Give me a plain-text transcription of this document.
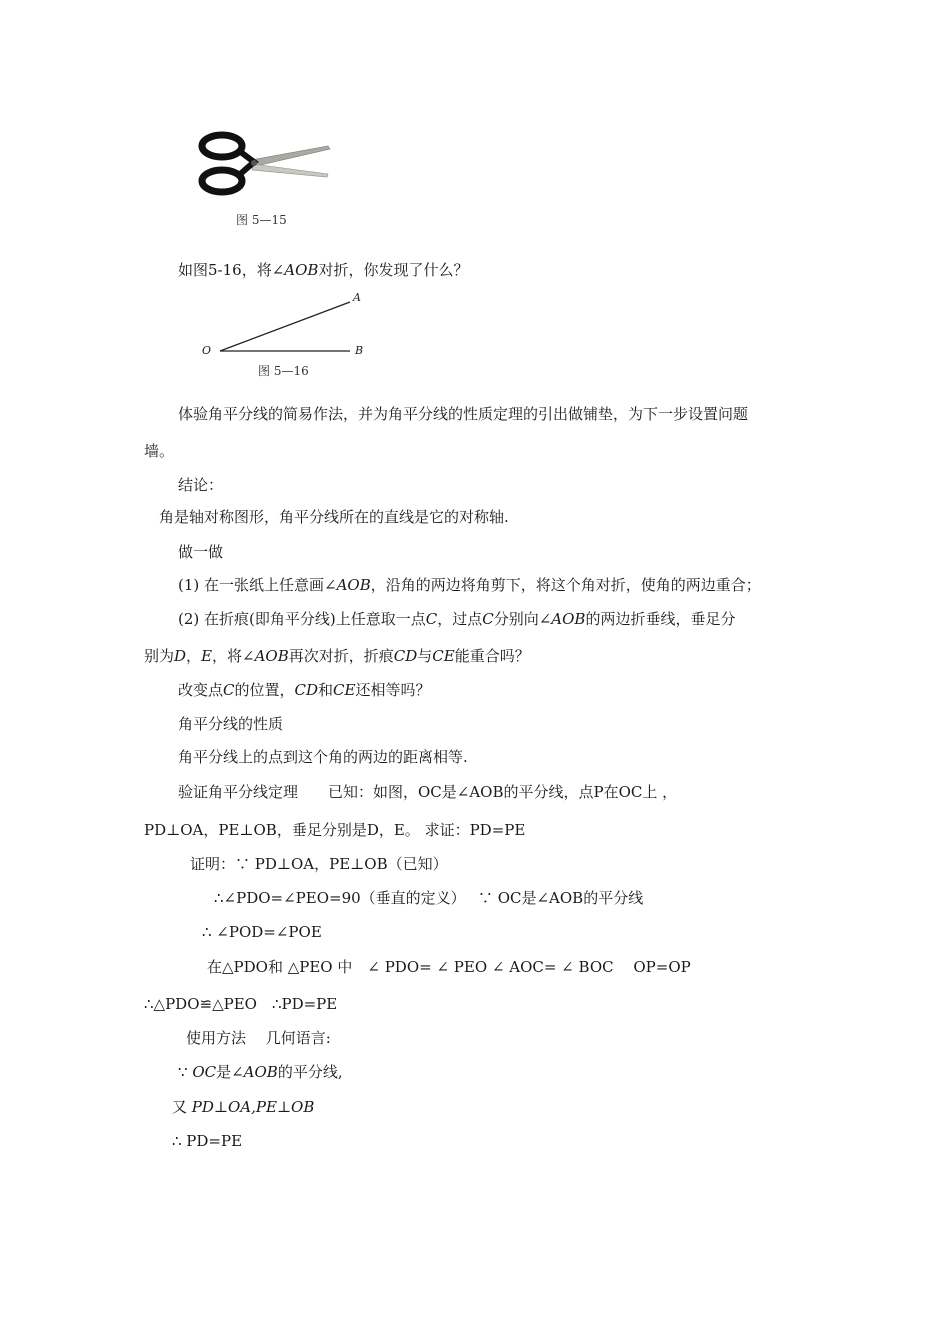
图 5—15
如图5-16，将∠AOB对折，你发现了什么？
O
A
B
图 5—16
体验角平分线的简易作法，并为角平分线的性质定理的引出做铺垫，为下一步设置问题
墙。
结论：
角是轴对称图形，角平分线所在的直线是它的对称轴.
做一做
(1) 在一张纸上任意画∠AOB，沿角的两边将角剪下，将这个角对折，使角的两边重合；
(2) 在折痕(即角平分线)上任意取一点C，过点C分别向∠AOB的两边折垂线，垂足分
别为D，E，将∠AOB再次对折，折痕CD与CE能重合吗？
改变点C的位置，CD和CE还相等吗？
角平分线的性质
角平分线上的点到这个角的两边的距离相等.
验证角平分线定理　　已知：如图，OC是∠AOB的平分线，点P在OC上 ，
PD⊥OA，PE⊥OB，垂足分别是D，E。 求证：PD=PE
证明：∵ PD⊥OA，PE⊥OB（已知）
∴∠PDO=∠PEO=90（垂直的定义）　 ∵ OC是∠AOB的平分线
∴ ∠POD=∠POE
在△PDO和 △PEO 中　∠ PDO= ∠ PEO ∠ AOC= ∠ BOC　 OP=OP
∴△PDO≌△PEO　∴PD=PE
使用方法　 几何语言:
∵ OC是∠AOB的平分线,
又 PD⊥OA,PE⊥OB
∴ PD=PE
